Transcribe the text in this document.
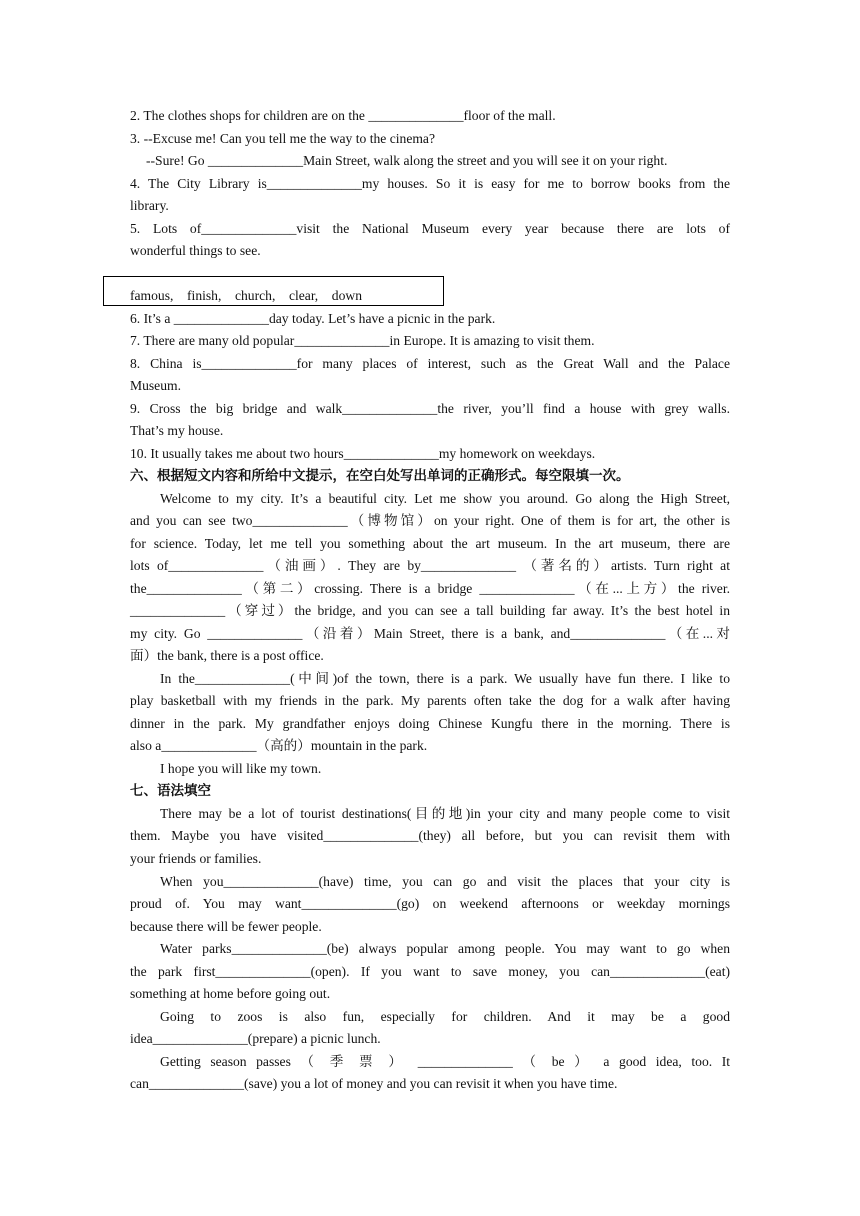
2. The clothes shops for children are on the ______________floor of the mall.
3. --Excuse me! Can you tell me the way to the cinema?
--Sure! Go ______________Main Street, walk along the street and you will see it on your right.
4. The City Library is______________my houses. So it is easy for me to borrow books from the
library.
5. Lots of______________visit the National Museum every year because there are lots of
wonderful things to see.
famous,    finish,    church,    clear,    down
6. It’s a ______________day today. Let’s have a picnic in the park.
7. There are many old popular______________in Europe. It is amazing to visit them.
8. China is______________for many places of interest, such as the Great Wall and the Palace
Museum.
9. Cross the big bridge and walk______________the river, you’ll find a house with grey walls.
That’s my house.
10. It usually takes me about two hours______________my homework on weekdays.
六、根据短文内容和所给中文提示，在空白处写出单词的正确形式。每空限填一次。
Welcome to my city. It’s a beautiful city. Let me show you around. Go along the High Street,
and you can see two______________（博物馆）on your right. One of them is for art, the other is
for science. Today, let me tell you something about the art museum. In the art museum, there are
lots of______________（油画）. They are by______________ （著名的）artists. Turn right at
the______________（第二）crossing. There is a bridge ______________（在...上方）the river.
______________（穿过）the bridge, and you can see a tall building far away. It’s the best hotel in
my city. Go ______________（沿着）Main Street, there is a bank, and______________（在...对
面）the bank, there is a post office.
In the______________(中间)of the town, there is a park. We usually have fun there. I like to
play basketball with my friends in the park. My parents often take the dog for a walk after having
dinner in the park. My grandfather enjoys doing Chinese Kungfu there in the morning. There is
also a______________（高的）mountain in the park.
I hope you will like my town.
七、语法填空
There may be a lot of tourist destinations(目的地)in your city and many people come to visit
them. Maybe you have visited______________(they) all before, but you can revisit them with
your friends or families.
When you______________(have) time, you can go and visit the places that your city is
proud of. You may want______________(go) on weekend afternoons or weekday mornings
because there will be fewer people.
Water parks______________(be) always popular among people. You may want to go when
the park first______________(open). If you want to save money, you can______________(eat)
something at home before going out.
Going to zoos is also fun, especially for children. And it may be a good
idea______________(prepare) a picnic lunch.
Getting season passes （ 季 票 ） ______________ （ be ） a good idea, too. It
can______________(save) you a lot of money and you can revisit it when you have time.
